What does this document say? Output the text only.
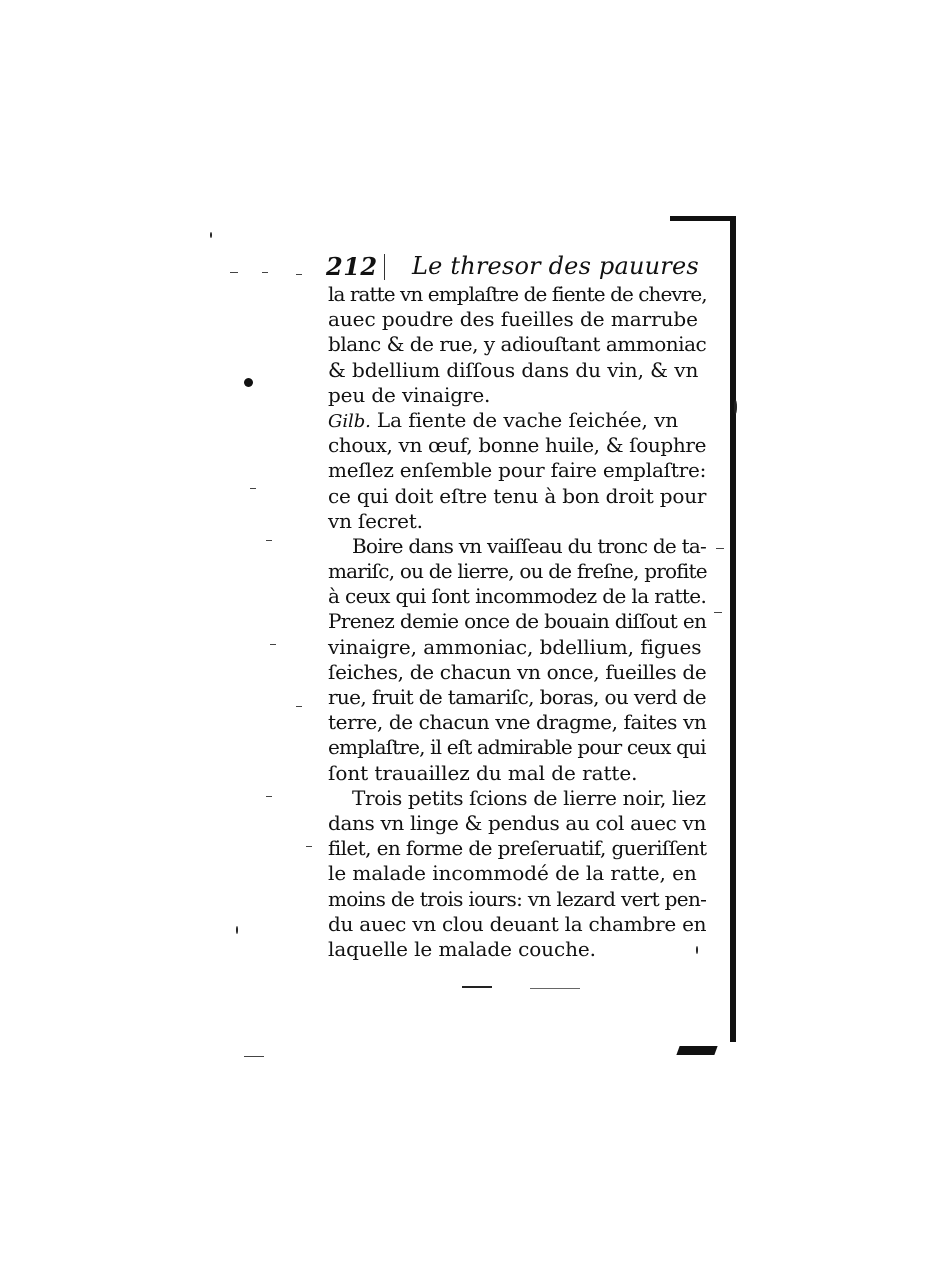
212 Le thresor des pauures
la ratte vn emplaſtre de fiente de chevre,
auec poudre des fueilles de marrube
blanc & de rue, y adiouſtant ammoniac
& bdellium diſſous dans du vin, & vn
peu de vinaigre.
Gilb. La fiente de vache ſeichée, vn
choux, vn œuf, bonne huile, & ſouphre
meſlez enſemble pour faire emplaſtre:
ce qui doit eſtre tenu à bon droit pour
vn ſecret.
Boire dans vn vaiſſeau du tronc de ta-
mariſc, ou de lierre, ou de freſne, profite
à ceux qui ſont incommodez de la ratte.
Prenez demie once de bouain diſſout en
vinaigre, ammoniac, bdellium, figues
ſeiches, de chacun vn once, fueilles de
rue, fruit de tamariſc, boras, ou verd de
terre, de chacun vne dragme, faites vn
emplaſtre, il eſt admirable pour ceux qui
ſont trauaillez du mal de ratte.
Trois petits ſcions de lierre noir, liez
dans vn linge & pendus au col auec vn
filet, en forme de preſeruatif, gueriſſent
le malade incommodé de la ratte, en
moins de trois iours: vn lezard vert pen-
du auec vn clou deuant la chambre en
laquelle le malade couche.
